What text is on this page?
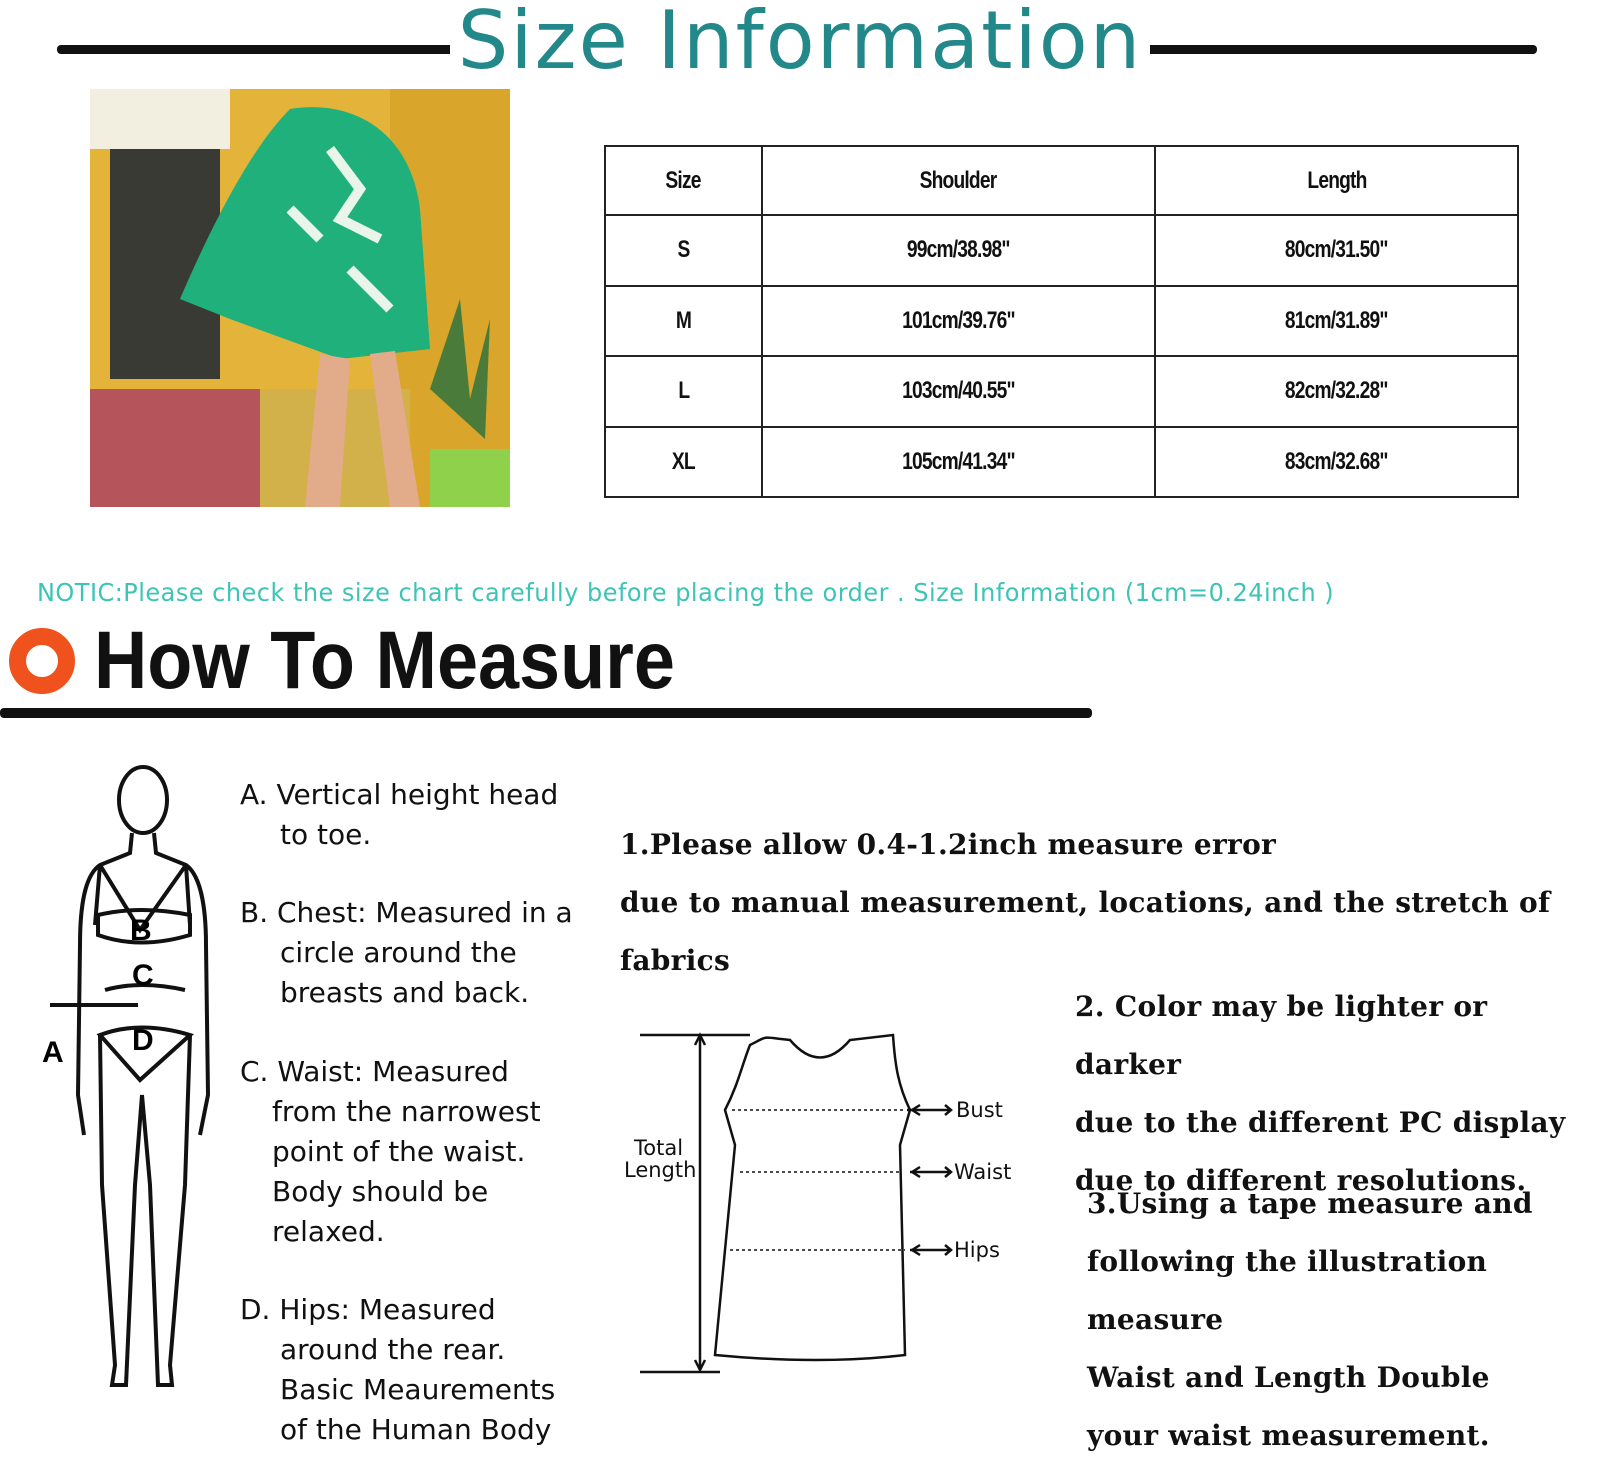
Size Information
Size	Shoulder	Length
S	99cm/38.98"	80cm/31.50"
M	101cm/39.76"	81cm/31.89"
L	103cm/40.55"	82cm/32.28"
XL	105cm/41.34"	83cm/32.68"
NOTIC:Please check the size chart carefully before placing the order . Size Information (1cm=0.24inch )
How To Measure
B
C
D
A
A. Vertical height head
to toe.
B. Chest: Measured in a
circle around the
breasts and back.
C. Waist: Measured
from the narrowest
point of the waist.
Body should be
relaxed.
D. Hips: Measured
around the rear.
Basic Meaurements
of the Human Body
1.Please allow 0.4-1.2inch measure error
due to manual measurement, locations, and the stretch of fabrics
2. Color may be lighter or darker
due to the different PC display
due to different resolutions.
3.Using a tape measure and
following the illustration measure
Waist and Length Double
your waist measurement.
Total
Length
Bust
Waist
Hips
